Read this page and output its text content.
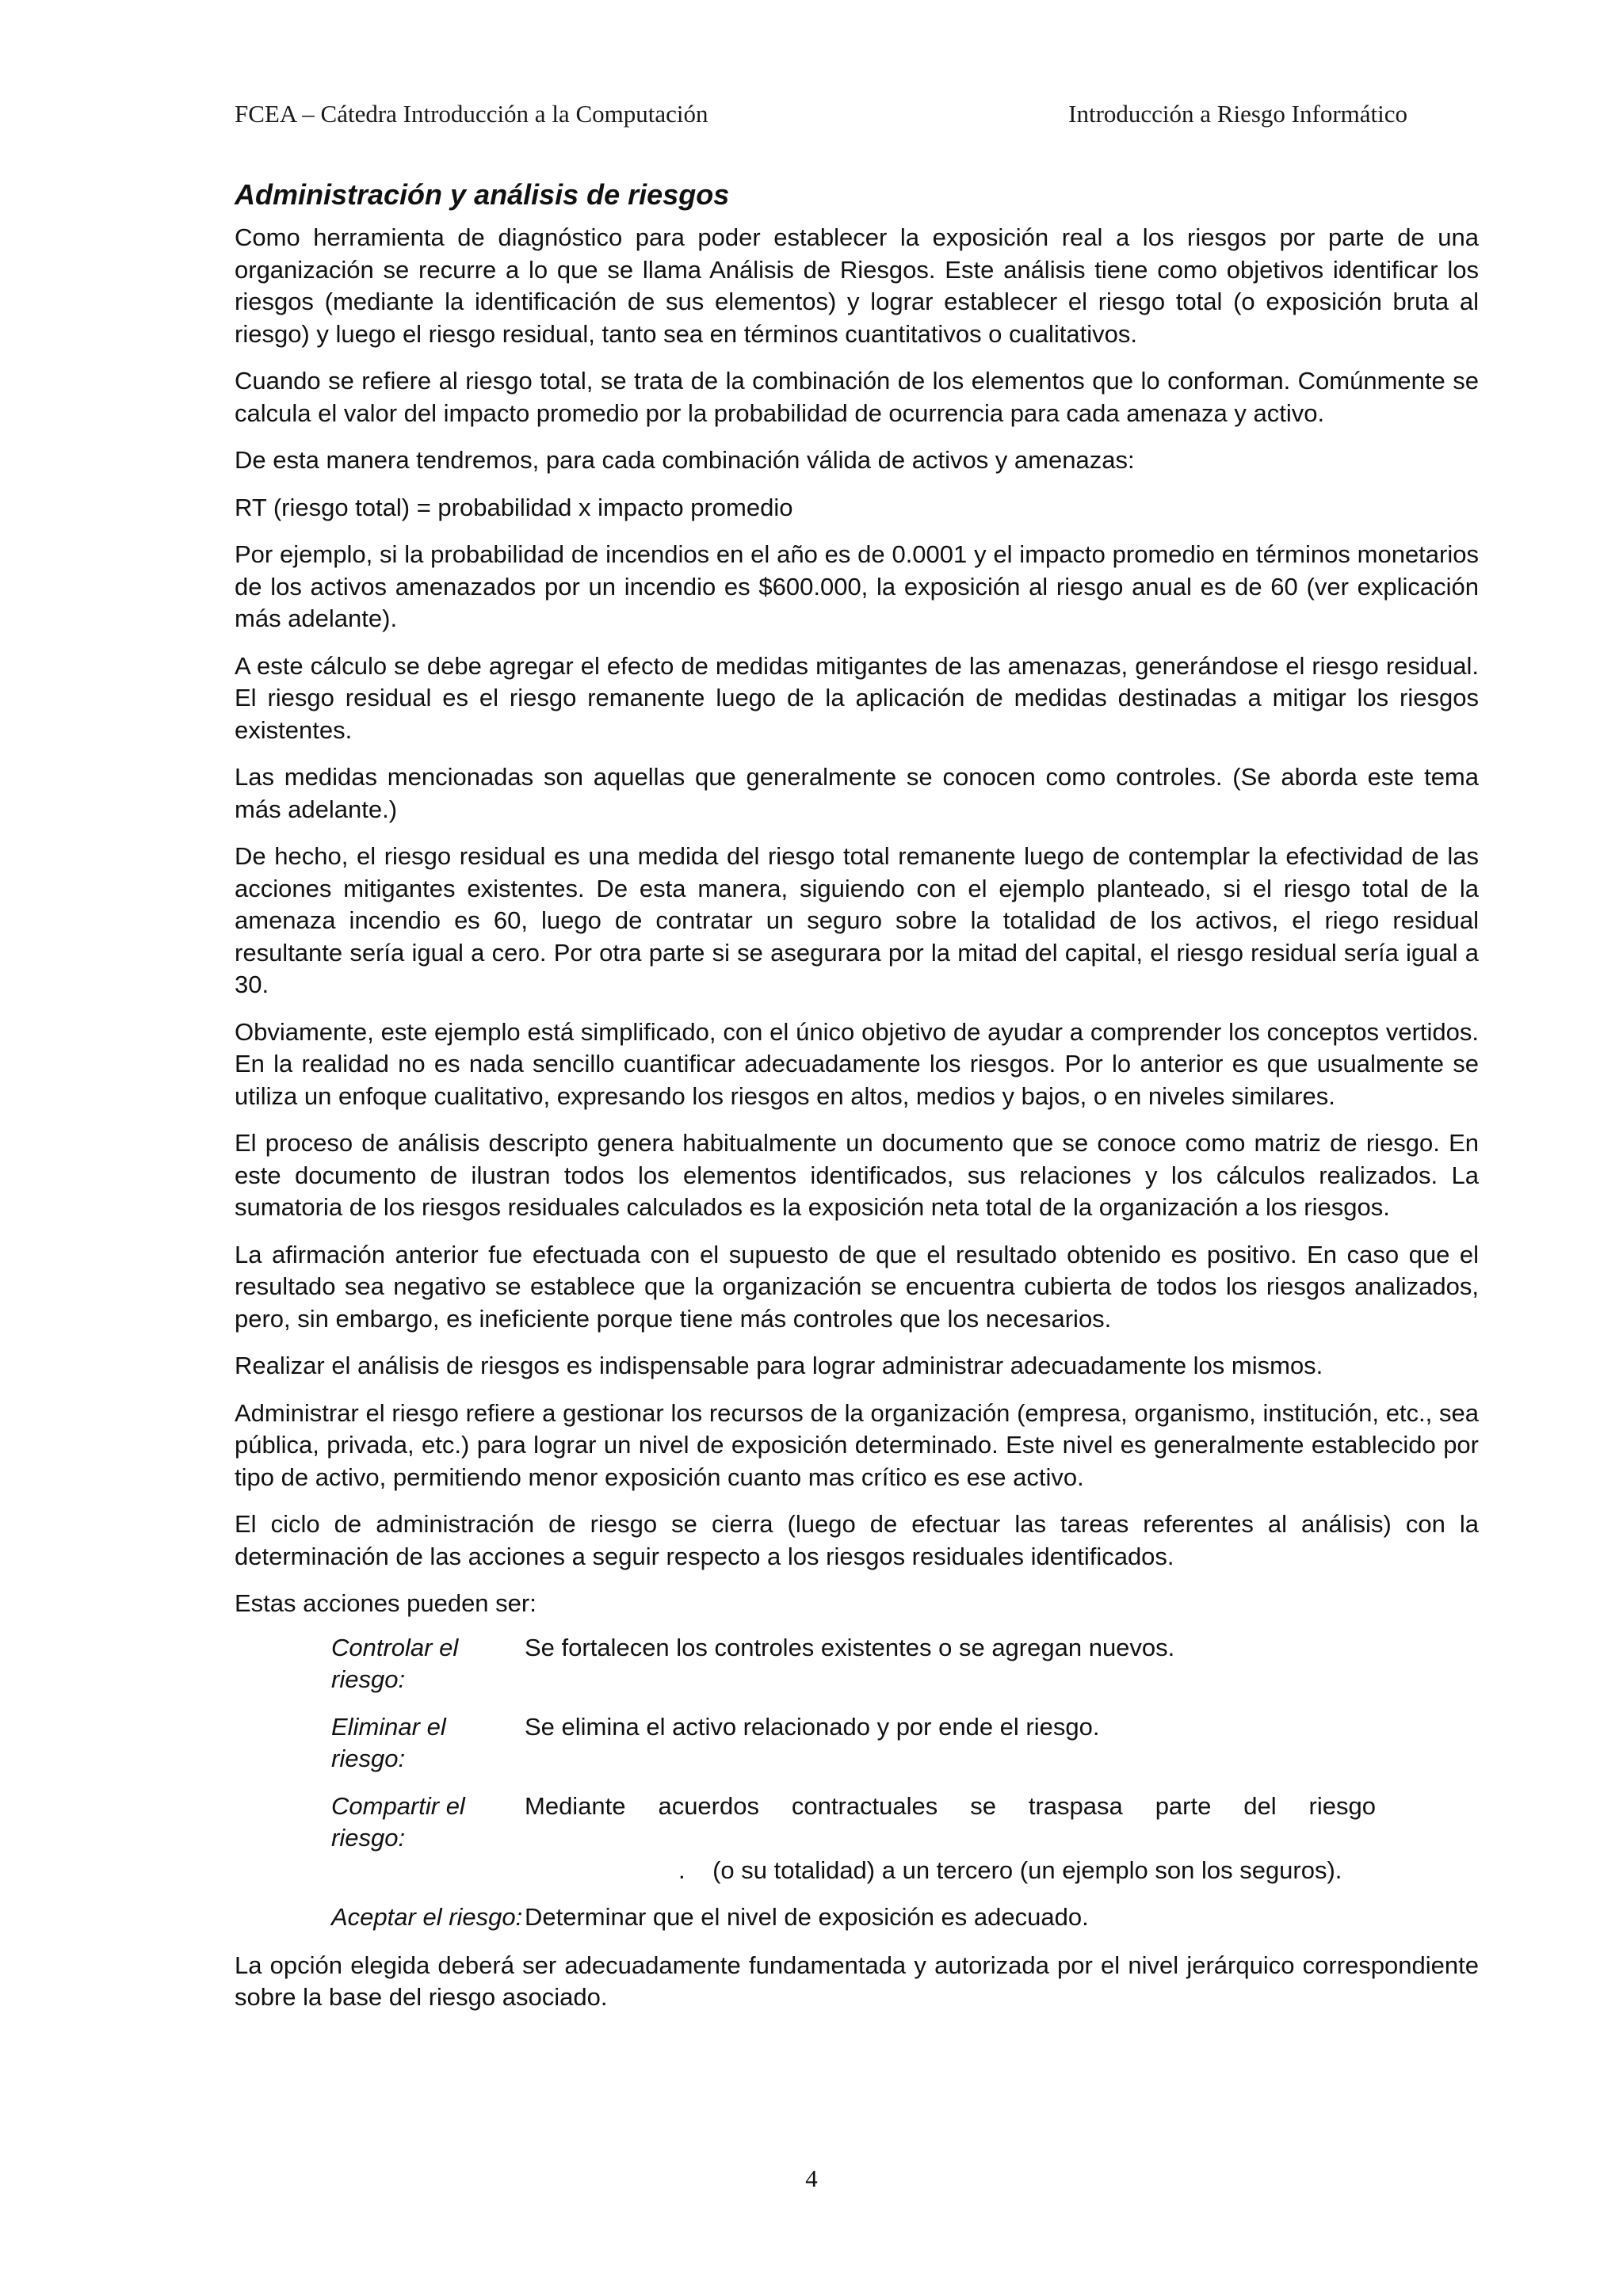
FCEA – Cátedra Introducción a la Computación	Introducción a Riesgo Informático
Administración y análisis de riesgos

Como herramienta de diagnóstico para poder establecer la exposición real a los riesgos por parte de una organización se recurre a lo que se llama Análisis de Riesgos. Este análisis tiene como objetivos identificar los riesgos (mediante la identificación de sus elementos) y lograr establecer el riesgo total (o exposición bruta al riesgo) y luego el riesgo residual, tanto sea en términos cuantitativos o cualitativos.

Cuando se refiere al riesgo total, se trata de la combinación de los elementos que lo conforman. Comúnmente se calcula el valor del impacto promedio por la probabilidad de ocurrencia para cada amenaza y activo.

De esta manera tendremos, para cada combinación válida de activos y amenazas:

RT (riesgo total) = probabilidad x impacto promedio

Por ejemplo, si la probabilidad de incendios en el año es de 0.0001 y el impacto promedio en términos monetarios de los activos amenazados por un incendio es $600.000, la exposición al riesgo anual es de 60 (ver explicación más adelante).

A este cálculo se debe agregar el efecto de medidas mitigantes de las amenazas, generándose el riesgo residual. El riesgo residual es el riesgo remanente luego de la aplicación de medidas destinadas a mitigar los riesgos existentes.

Las medidas mencionadas son aquellas que generalmente se conocen como controles. (Se aborda este tema más adelante.)

De hecho, el riesgo residual es una medida del riesgo total remanente luego de contemplar la efectividad de las acciones mitigantes existentes. De esta manera, siguiendo con el ejemplo planteado, si el riesgo total de la amenaza incendio es 60, luego de contratar un seguro sobre la totalidad de los activos, el riego residual resultante sería igual a cero. Por otra parte si se asegurara por la mitad del capital, el riesgo residual sería igual a 30.

Obviamente, este ejemplo está simplificado, con el único objetivo de ayudar a comprender los conceptos vertidos. En la realidad no es nada sencillo cuantificar adecuadamente los riesgos. Por lo anterior es que usualmente se utiliza un enfoque cualitativo, expresando los riesgos en altos, medios y bajos, o en niveles similares.

El proceso de análisis descripto genera habitualmente un documento que se conoce como matriz de riesgo. En este documento de ilustran todos los elementos identificados, sus relaciones y los cálculos realizados. La sumatoria de los riesgos residuales calculados es la exposición neta total de la organización a los riesgos.

La afirmación anterior fue efectuada con el supuesto de que el resultado obtenido es positivo. En caso que el resultado sea negativo se establece que la organización se encuentra cubierta de todos los riesgos analizados, pero, sin embargo, es ineficiente porque tiene más controles que los necesarios.

Realizar el análisis de riesgos es indispensable para lograr administrar adecuadamente los mismos.

Administrar el riesgo refiere a gestionar los recursos de la organización (empresa, organismo, institución, etc., sea pública, privada, etc.) para lograr un nivel de exposición determinado. Este nivel es generalmente establecido por tipo de activo, permitiendo menor exposición cuanto mas crítico es ese activo.

El ciclo de administración de riesgo se cierra (luego de efectuar las tareas referentes al análisis) con la determinación de las acciones a seguir respecto a los riesgos residuales identificados.

Estas acciones pueden ser:

Controlar el riesgo:
Se fortalecen los controles existentes o se agregan nuevos.
Eliminar el riesgo:
Se elimina el activo relacionado y por ende el riesgo.
Compartir el riesgo:
Mediante acuerdos contractuales se traspasa parte del riesgo
.    (o su totalidad) a un tercero (un ejemplo son los seguros).
Aceptar el riesgo: Determinar que el nivel de exposición es adecuado.

La opción elegida deberá ser adecuadamente fundamentada y autorizada por el nivel jerárquico correspondiente sobre la base del riesgo asociado.

4
